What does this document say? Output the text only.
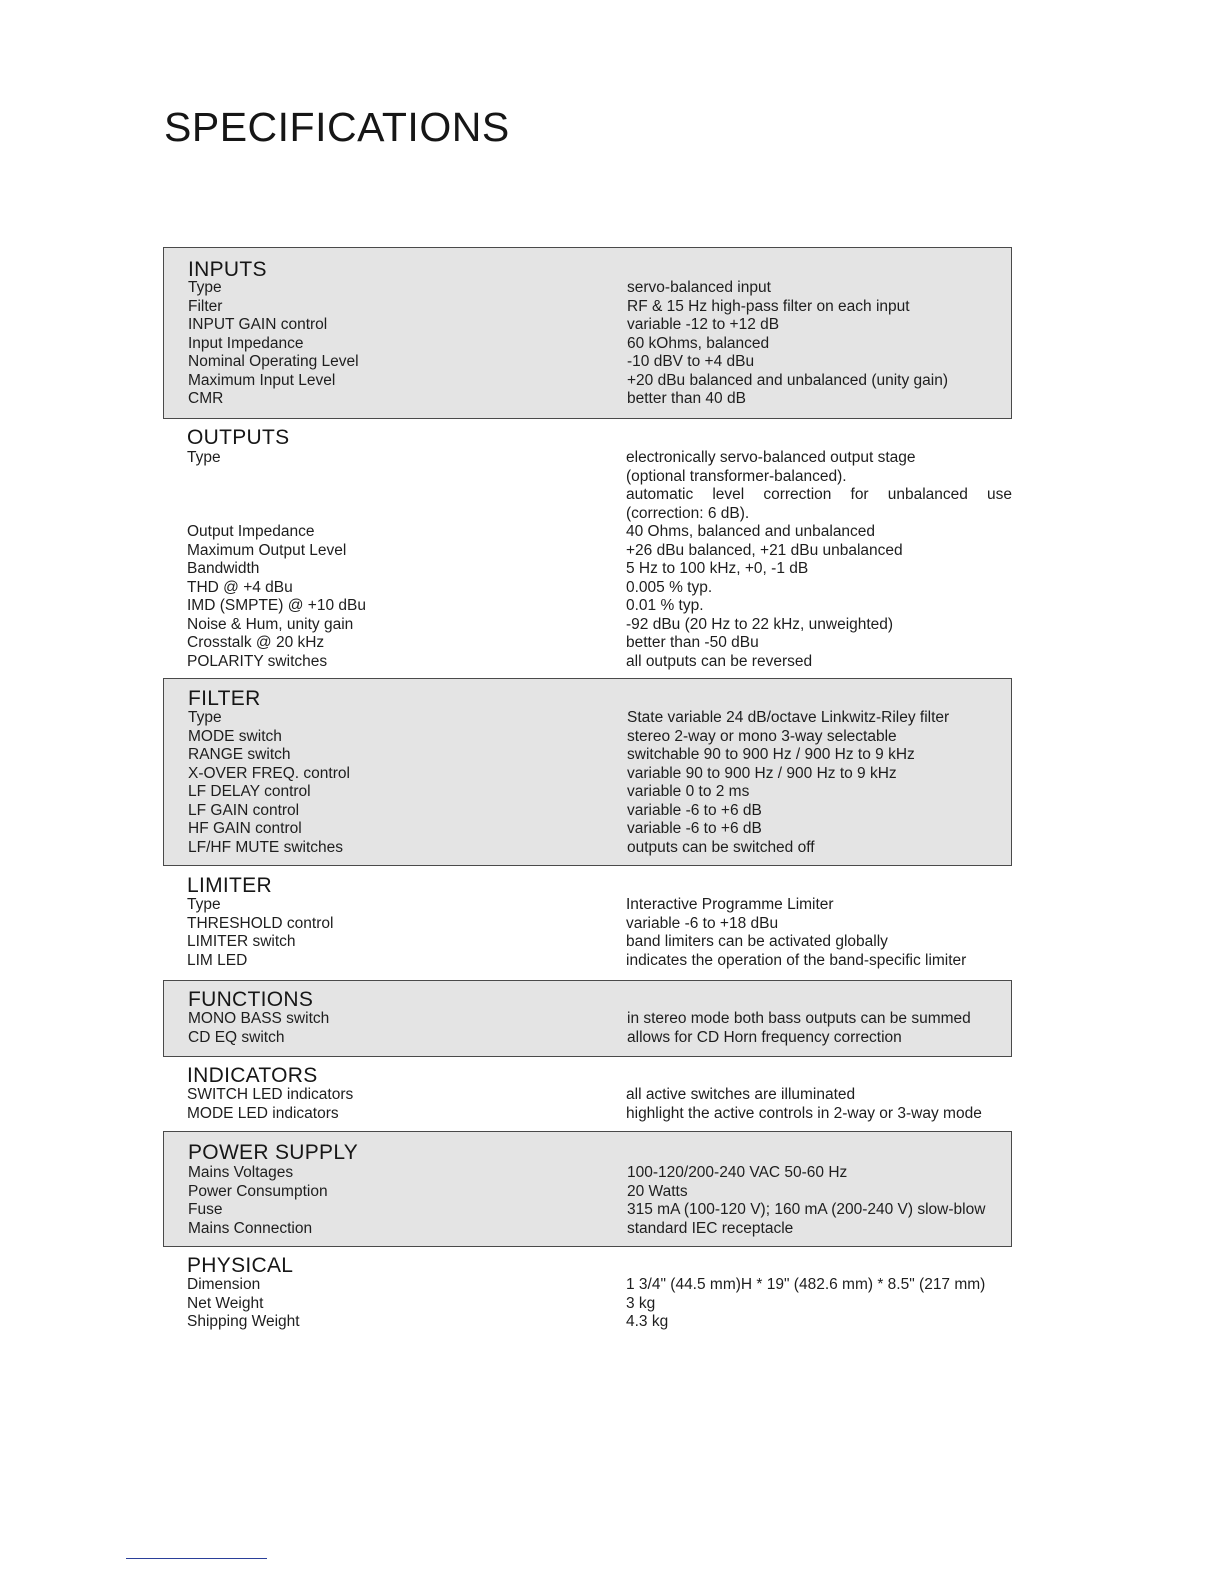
SPECIFICATIONS
INPUTS
Type	servo-balanced input
Filter	RF & 15 Hz high-pass filter on each input
INPUT GAIN control	variable -12 to +12 dB
Input Impedance	60 kOhms, balanced
Nominal Operating Level	-10 dBV to +4 dBu
Maximum Input Level	+20 dBu balanced and unbalanced (unity gain)
CMR	better than 40 dB
OUTPUTS
Type	electronically servo-balanced output stage
(optional transformer-balanced).
automatic level correction for unbalanced use
(correction: 6 dB).
Output Impedance	40 Ohms, balanced and unbalanced
Maximum Output Level	+26 dBu balanced, +21 dBu unbalanced
Bandwidth	5 Hz to 100 kHz, +0, -1 dB
THD @ +4 dBu	0.005 % typ.
IMD (SMPTE) @ +10 dBu	0.01 % typ.
Noise & Hum, unity gain	-92 dBu (20 Hz to 22 kHz, unweighted)
Crosstalk @ 20 kHz	better than -50 dBu
POLARITY switches	all outputs can be reversed
FILTER
Type	State variable 24 dB/octave Linkwitz-Riley filter
MODE switch	stereo 2-way or mono 3-way selectable
RANGE switch	switchable 90 to 900 Hz / 900 Hz to 9 kHz
X-OVER FREQ. control	variable 90 to 900 Hz / 900 Hz to 9 kHz
LF DELAY control	variable 0 to 2 ms
LF GAIN control	variable -6 to +6 dB
HF GAIN control	variable -6 to +6 dB
LF/HF MUTE switches	outputs can be switched off
LIMITER
Type	Interactive Programme Limiter
THRESHOLD control	variable -6 to +18 dBu
LIMITER switch	band limiters can be activated globally
LIM LED	indicates the operation of the band-specific limiter
FUNCTIONS
MONO BASS switch	in stereo mode both bass outputs can be summed
CD EQ switch	allows for CD Horn frequency correction
INDICATORS
SWITCH LED indicators	all active switches are illuminated
MODE LED indicators	highlight the active controls in 2-way or 3-way mode
POWER SUPPLY
Mains Voltages	100-120/200-240 VAC 50-60 Hz
Power Consumption	20 Watts
Fuse	315 mA (100-120 V); 160 mA (200-240 V) slow-blow
Mains Connection	standard IEC receptacle
PHYSICAL
Dimension	1 3/4" (44.5 mm)H * 19" (482.6 mm) * 8.5" (217 mm)
Net Weight	3 kg
Shipping Weight	4.3 kg
